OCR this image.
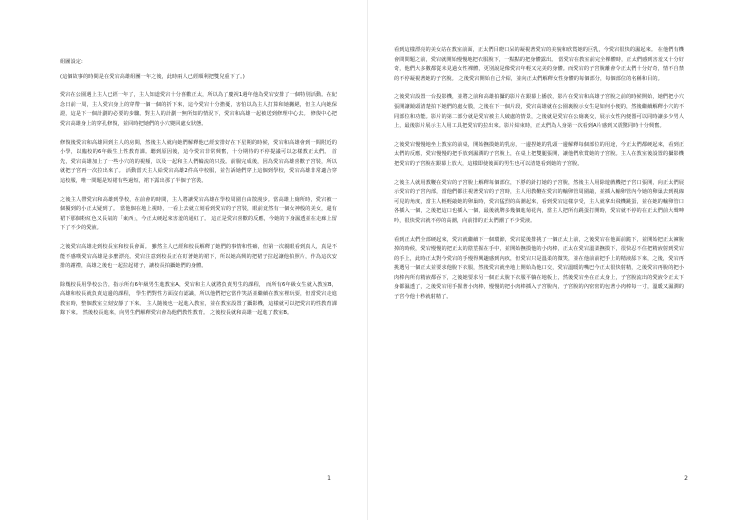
組圖設定:

(這個故事的時間是在愛宕高雄組團一年之後，此時兩人已經順利把雙兒重下了。)

愛宕在公園遇上主人已經一年了，主人知道愛宕十分喜歡正太，所以為了慶祝1週年他為愛宕安排了一個特別活動。在紀念日前一周，主人愛宕身上的穿帶一個一個的折下來，這今愛宕十分擔憂，害怕以為主人打算和她撇絕，但主人向她保證，這是下一個計劃的必要的步驟。對主人的計劃一無所知的情況下，愛宕和高雄一起被送到修理中心去。 修復中心把愛宕高雄身上的穿孔修復，並回時把她們的小穴變回處女狀態。

修復後愛宕和高雄回到主人的房間，然後主人就向她們解釋他已經安排好在下星期的時候，愛宕和高雄會到一間附近的小學，以臨校的6年級生上性教育課。聽到原因後，這今愛宕非常興奮，十分期待的不停提議可以怎樣教正太們。 首先，愛宕高雄加上了一些小穴的的視頻，以及一起和主人們輪流的只投。前腸完成後，因為愛宕高雄喜歡子宮裝，所以就把子宮再一次拉出來了。 活動當天主人給愛宕高雄2件高中校服，並告訴她們穿上這個到學校，愛宕高雄非常適合穿這校服，唯一問題是短裙有些過短，裙下露出那了半個子宮裝。

之後主人帶愛宕和高雄到學校，在前會的時間，主人將讓愛宕高雄在學校周圍自由散漫步。當高雄上廁所時，愛宕被一個擾到的小正太疑到了。 當他個在地上視時，一看上去就立刻看到愛宕的子宮裝，眼前竟然有一個女神般的美女，還有裙下那個粉紅色又長氣的「東西」，今正太硬起來害羞的通紅了。 這正是愛宕喜歡的反應，今她的下身濕透並在走廊上留下了不少的愛液。

之後愛宕高雄走到校長室和校長會面。 雖然主人已經和校長解釋了她們的事情和性癖，但第一次親眼看到真人，真是不能不感嘆愛宕高雄是多麼漂亮。愛宕注意到校長正在盯著她的裙下，所以她高興的把裙子拉起讓他拍照片，作為這次安排的謝禮，高雄之後也一起拉起裙子，讓校長拍攝她們的身體。

除幾校長用學校公告，指示所有6年級男生進教室A，愛宕和主人就將負責男生的課程， 而所有6年級女生就入教室B，高雄和校長就負責這邊的課程， 學生們對性方面沒有認識，所以他們把它當作笑話並繼續在教室裡玩耍，但當愛宕走進教室時，整個教室立刻安靜了下來。 主人隨後也一起進入教室，並在教室設置了攝影機，這樣就可以把愛宕的性教育課錄下來。 然後校長進來，向男生們解釋愛宕會為他們教性教育。 之後校長就和高雄一起進了教室B。

1

看到這樣漂亮的美女站在教室前面，正太們目瞪口呆的凝視著愛宕的美貌和欣賞她的巨乳，今愛宕很快的濕起來。 在他們有機會問問題之前，愛宕就開始慢慢地把衣服脫下，一點點的把身體露出。 當愛宕在教室前完全裸體時，正太們感到害羞又十分好奇，他們大多數都從未見過女性裸體，更別說是像愛宕年輕又完美的身體。而愛宕的子宮脫離會令正太們十分好奇，情不自禁的不停凝視著她的子宮脫。 之後愛宕開始自己介紹，並向正太們解釋女性身體的每個部分，每個部位的名稱和目的。

之後愛宕設置一台投影機，並將之前和高雄拍攝的影片在銀幕上播放，影片在愛宕和高雄子宮脫之前的時候開始，她們把小穴張開讓鏡頭清楚拍下她們的處女膜，之後在下一個片段，愛宕高雄就在公園裏脫示女生是如何小便的，然後繼續解釋小穴的不同部位和功能。影片的第二部分就是愛宕被主人破處的情景，之後就是愛宕在公廁裏交，展示女性內便器可以同時讓多少男人上，最後影片展示主人用工具把愛宕的拉出來。影片結束時，正太們為人身第一次看到A片感到又震驚同時十分興奮。

之後愛宕慢慢地坐上教室的前桌，開始撫摸她的乳房，一邊捏她的乳頭一邊解釋每個部位的用途，今正太們都硬起來，看到正太們的反應，愛宕慢慢的把手放到濕潤的子宮脫上，在桌上把雙腿張開，讓他們欣賞她的子宮脫。主人在教室後設置的攝影機把愛宕的子宮脫在銀幕上放大，這樣即使後面的男生也可以清楚看到她的子宮脫。

之後主人就用教鞭在愛宕的子宮脫上解釋每個部位，下脬的針打她的子宮脫，然後主人用除遊戲機把子宮口張開，向正太們展示愛宕的子宮內部，當他們都注視著愛宕的子宮時，主人用教鞭在愛宕的輸卵管周圍敲，並插入輸卵管內今她的卵巢去到視線可見的角度，當主人輕輕敲她的卵巢時，愛宕猛烈的高潮起來，看到愛宕這樣享受，主人就拿出飛機跳蛋，並在她的輸卵管口各插入一個，之後把這口也插入一個，最後就牌多幾個進菊花內，當主人把所有跳蛋打開時，愛宕就不停的在正太們前大聲呻吟，很快愛宕就不停的高潮，向前排的正太們潮了不少愛液。

看到正太們全部硬起來，愛宕就繼續下一個環節，愛宕從後排挑了一個正太上前，之後愛宕在他面前跪下，並開始把正太褲脫掉的時候，愛宕慢慢的把正太的陰莖握在手中，並開始撫摸他的小肉棒，正太在愛宕溫柔撫摸下，很快忍不住把精液射到愛宕的手上，此時正太對今愛宕的手慢得興趣感到內疚，但愛宕只是溫柔的微笑，並在他前前把手上的精液舔下來，之後，愛宕再挑選另一個正太並要求他脫下衣服，然後愛宕就坐地上開始為他口交，愛宕溫暖的嘴巴今正太很快射精，之後愛宕再脫的把小肉棒內所有精液都吞下，之後她要求另一個正太脫下衣服平躺在地板上，然後愛宕坐在正太身上，子宮脫流出的愛液令正太下身都濕透了，之後愛宕用手握著小肉棒，慢慢的把小肉棒插入子宮脫內，子宮脫的內密密的包著小肉棒每一寸，溫暖又濕潤的子宮今他十秒就射精了。

2
